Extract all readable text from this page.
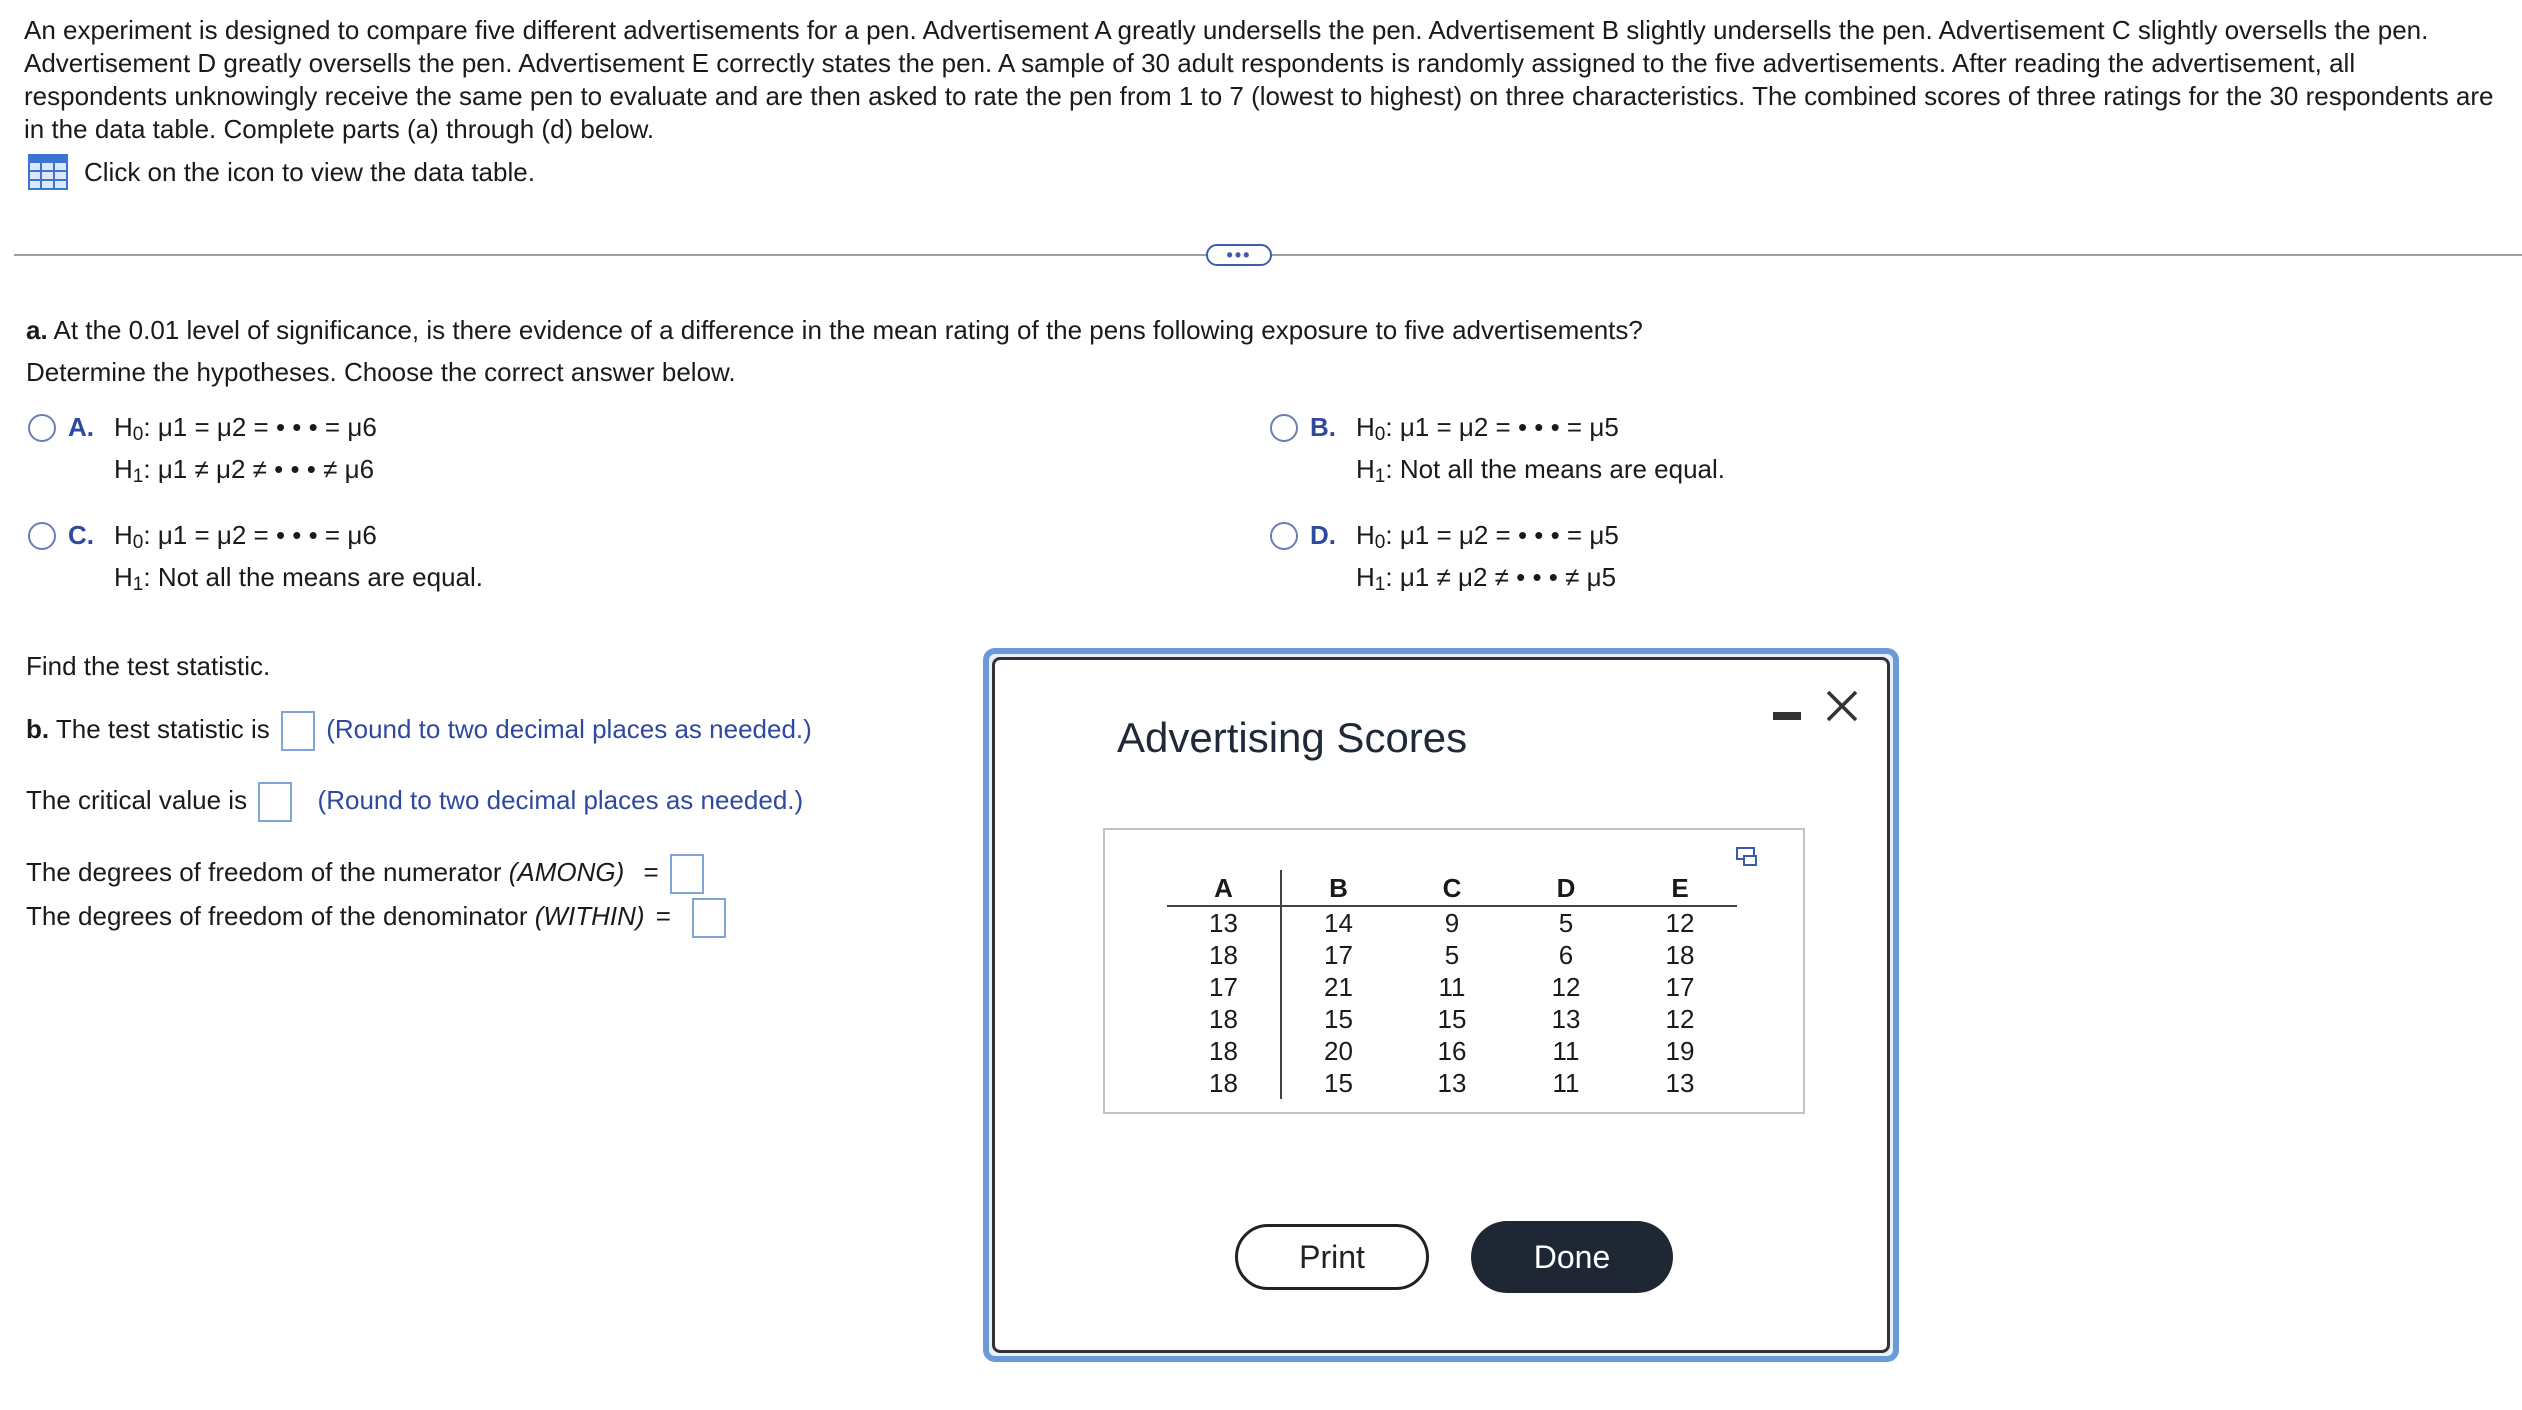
An experiment is designed to compare five different advertisements for a pen. Advertisement A greatly undersells the pen. Advertisement B slightly undersells the pen. Advertisement C slightly oversells the pen. Advertisement D greatly oversells the pen. Advertisement E correctly states the pen. A sample of 30 adult respondents is randomly assigned to the five advertisements. After reading the advertisement, all respondents unknowingly receive the same pen to evaluate and are then asked to rate the pen from 1 to 7 (lowest to highest) on three characteristics. The combined scores of three ratings for the 30 respondents are in the data table. Complete parts (a) through (d) below.

Click on the icon to view the data table.
•••
a. At the 0.01 level of significance, is there evidence of a difference in the mean rating of the pens following exposure to five advertisements?
Determine the hypotheses. Choose the correct answer below.
A. $H_0$: μ1 = μ2 = • • • = μ6
$H_1$: μ1 ≠ μ2 ≠ • • • ≠ μ6
B. $H_0$: μ1 = μ2 = • • • = μ5
$H_1$: Not all the means are equal.
C. $H_0$: μ1 = μ2 = • • • = μ6
$H_1$: Not all the means are equal.
D. $H_0$: μ1 = μ2 = • • • = μ5
$H_1$: μ1 ≠ μ2 ≠ • • • ≠ μ5
Find the test statistic.
b. The test statistic is (Round to two decimal places as needed.)
The critical value is	(Round to two decimal places as needed.)
The degrees of freedom of the numerator (AMONG) =
The degrees of freedom of the denominator (WITHIN) =
Advertising Scores
A	B	C	D	E
13	14	9	5	12
18	17	5	6	18
17	21	11	12	17
18	15	15	13	12
18	20	16	11	19
18	15	13	11	13
Print	Done
